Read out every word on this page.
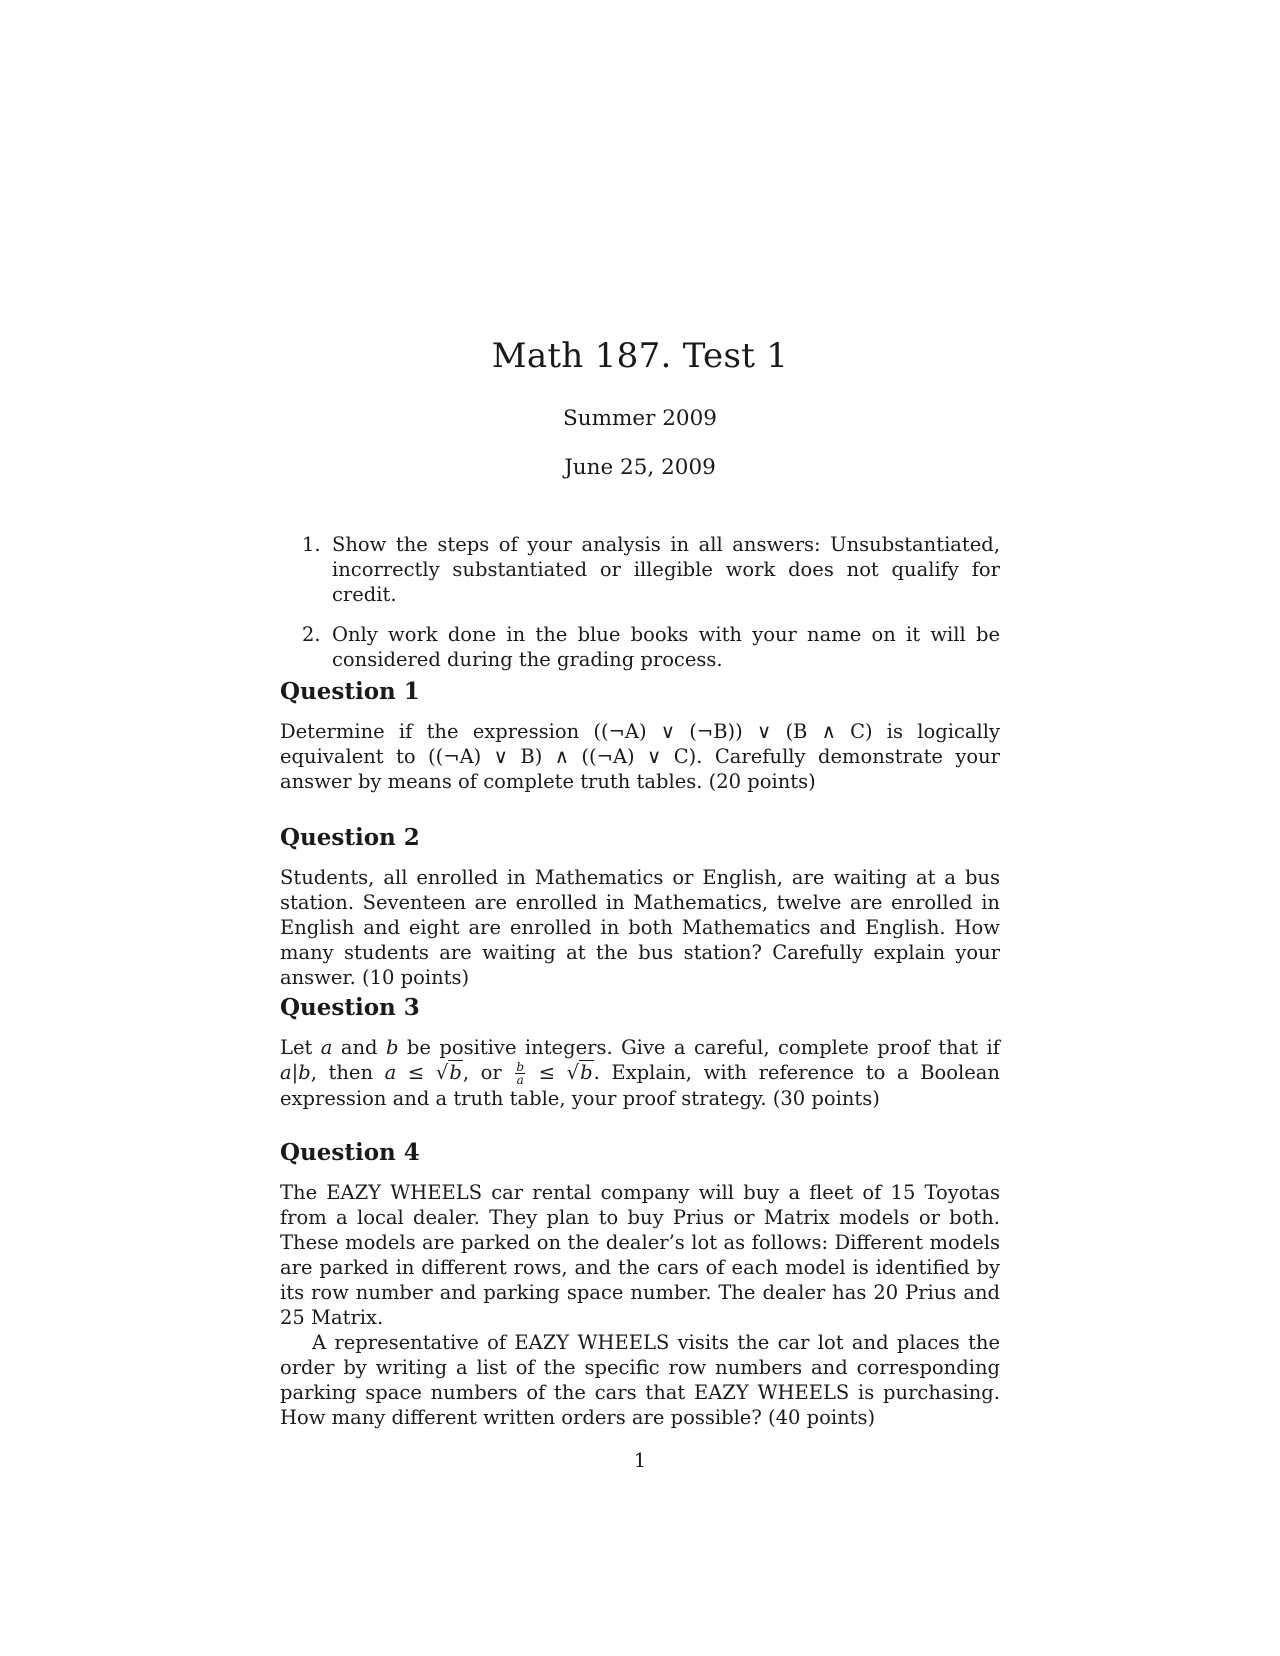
Math 187. Test 1
Summer 2009
June 25, 2009
1. Show the steps of your analysis in all answers: Unsubstantiated, incorrectly substantiated or illegible work does not qualify for credit.
2. Only work done in the blue books with your name on it will be considered during the grading process.
Question 1

Determine if the expression ((¬A) ∨ (¬B)) ∨ (B ∧ C) is logically equivalent to ((¬A) ∨ B) ∧ ((¬A) ∨ C). Carefully demonstrate your answer by means of complete truth tables. (20 points)

Question 2

Students, all enrolled in Mathematics or English, are waiting at a bus station. Seventeen are enrolled in Mathematics, twelve are enrolled in English and eight are enrolled in both Mathematics and English. How many students are waiting at the bus station? Carefully explain your answer. (10 points)

Question 3

Let a and b be positive integers. Give a careful, complete proof that if a|b, then a ≤ √b, or $\frac{b}{a} \le √b$. Explain, with reference to a Boolean expression and a truth table, your proof strategy. (30 points)

Question 4

The EAZY WHEELS car rental company will buy a fleet of 15 Toyotas from a local dealer. They plan to buy Prius or Matrix models or both. These models are parked on the dealer’s lot as follows: Different models are parked in different rows, and the cars of each model is identified by its row number and parking space number. The dealer has 20 Prius and 25 Matrix.

A representative of EAZY WHEELS visits the car lot and places the order by writing a list of the specific row numbers and corresponding parking space numbers of the cars that EAZY WHEELS is purchasing. How many different written orders are possible? (40 points)

1
